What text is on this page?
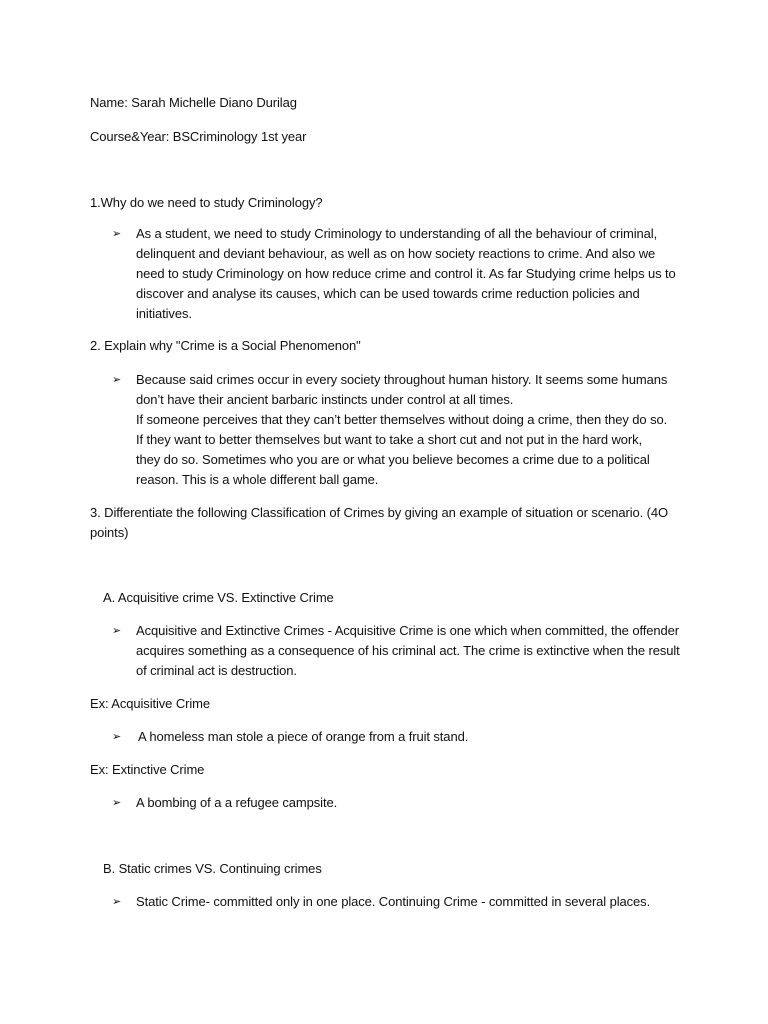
Name: Sarah Michelle Diano Durilag
Course&Year: BSCriminology 1st year
1.Why do we need to study Criminology?
➢ As a student, we need to study Criminology to understanding of all the behaviour of criminal,
delinquent and deviant behaviour, as well as on how society reactions to crime. And also we
need to study Criminology on how reduce crime and control it. As far Studying crime helps us to
discover and analyse its causes, which can be used towards crime reduction policies and
initiatives.
2. Explain why "Crime is a Social Phenomenon"
➢ Because said crimes occur in every society throughout human history. It seems some humans
don’t have their ancient barbaric instincts under control at all times.
If someone perceives that they can’t better themselves without doing a crime, then they do so.
If they want to better themselves but want to take a short cut and not put in the hard work,
they do so. Sometimes who you are or what you believe becomes a crime due to a political
reason. This is a whole different ball game.
3. Differentiate the following Classification of Crimes by giving an example of situation or scenario. (4O
points)
A. Acquisitive crime VS. Extinctive Crime
➢ Acquisitive and Extinctive Crimes - Acquisitive Crime is one which when committed, the offender
acquires something as a consequence of his criminal act. The crime is extinctive when the result
of criminal act is destruction.
Ex: Acquisitive Crime
➢ A homeless man stole a piece of orange from a fruit stand.
Ex: Extinctive Crime
➢ A bombing of a a refugee campsite.
B. Static crimes VS. Continuing crimes
➢ Static Crime‐ committed only in one place. Continuing Crime ‐ committed in several places.
